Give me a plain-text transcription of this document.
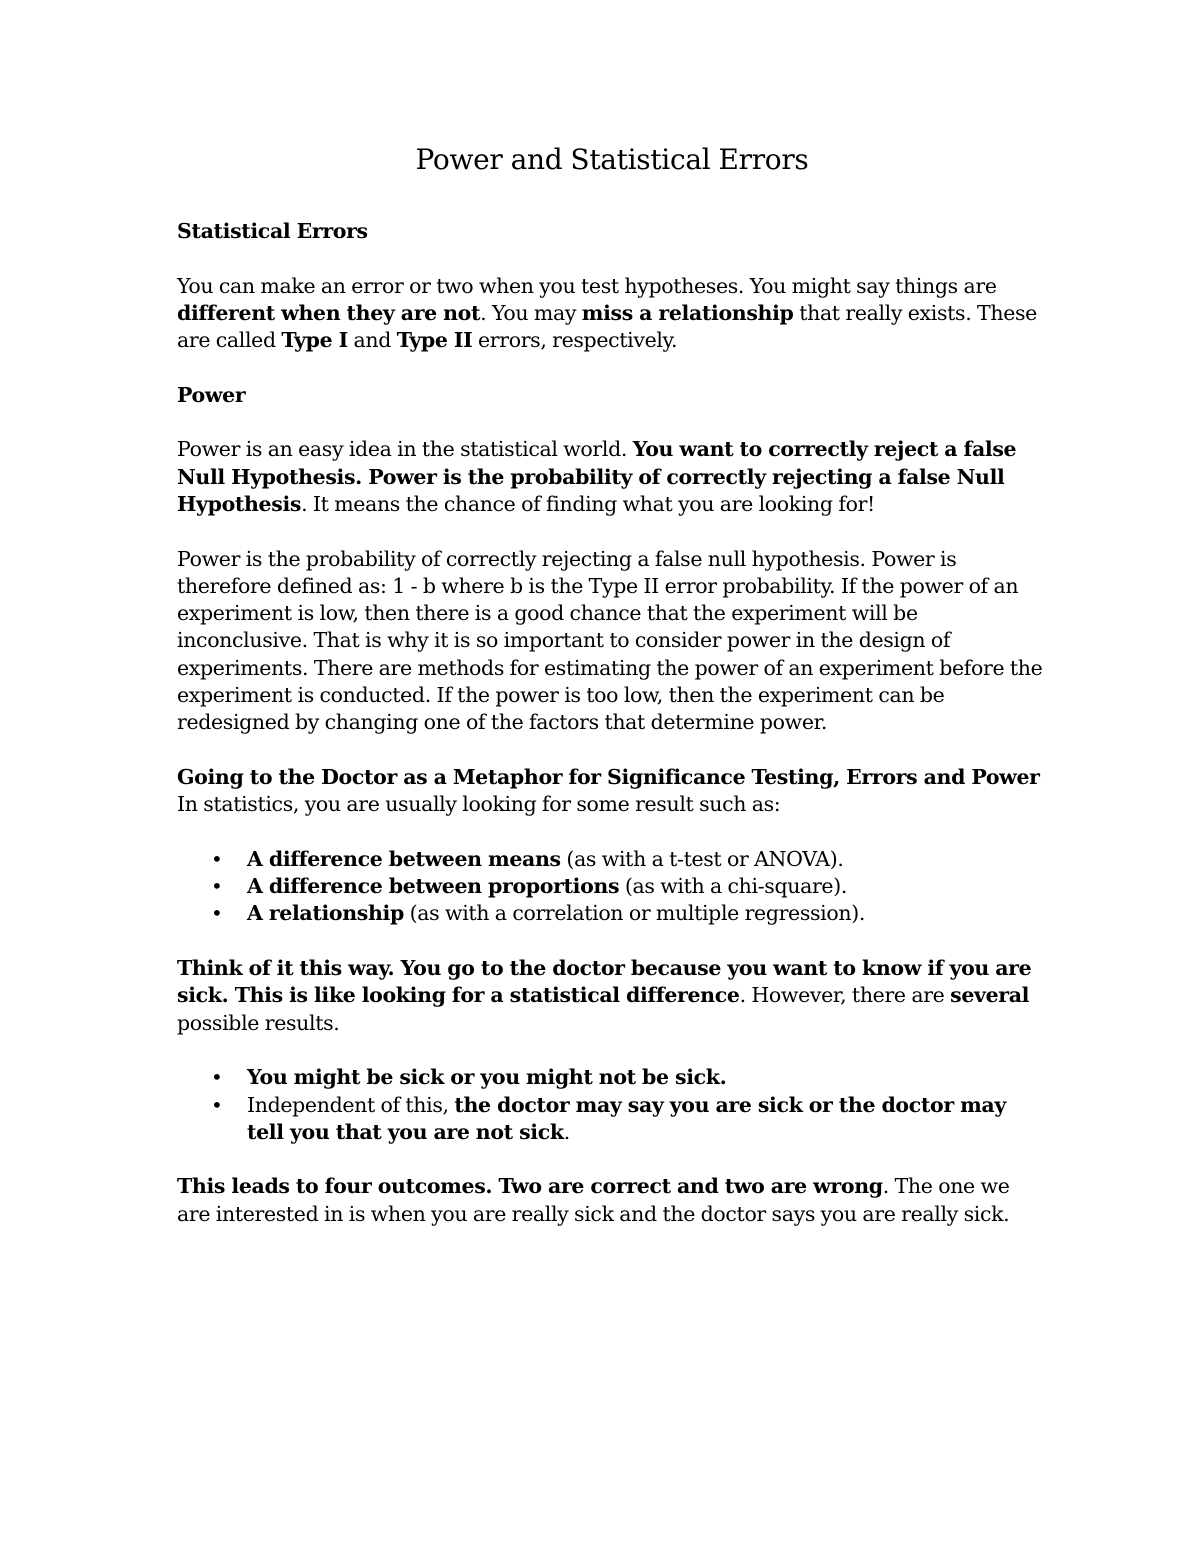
Power and Statistical Errors
Statistical Errors

You can make an error or two when you test hypotheses. You might say things are different when they are not. You may miss a relationship that really exists. These are called Type I and Type II errors, respectively.

Power

Power is an easy idea in the statistical world. You want to correctly reject a false Null Hypothesis. Power is the probability of correctly rejecting a false Null Hypothesis. It means the chance of finding what you are looking for!

Power is the probability of correctly rejecting a false null hypothesis. Power is therefore defined as: 1 - b where b is the Type II error probability. If the power of an experiment is low, then there is a good chance that the experiment will be inconclusive. That is why it is so important to consider power in the design of experiments. There are methods for estimating the power of an experiment before the experiment is conducted. If the power is too low, then the experiment can be redesigned by changing one of the factors that determine power.

Going to the Doctor as a Metaphor for Significance Testing, Errors and Power

In statistics, you are usually looking for some result such as:

• A difference between means (as with a t-test or ANOVA).
• A difference between proportions (as with a chi-square).
• A relationship (as with a correlation or multiple regression).

Think of it this way. You go to the doctor because you want to know if you are sick. This is like looking for a statistical difference. However, there are several possible results.

• You might be sick or you might not be sick.
• Independent of this, the doctor may say you are sick or the doctor may tell you that you are not sick.

This leads to four outcomes. Two are correct and two are wrong. The one we are interested in is when you are really sick and the doctor says you are really sick.
